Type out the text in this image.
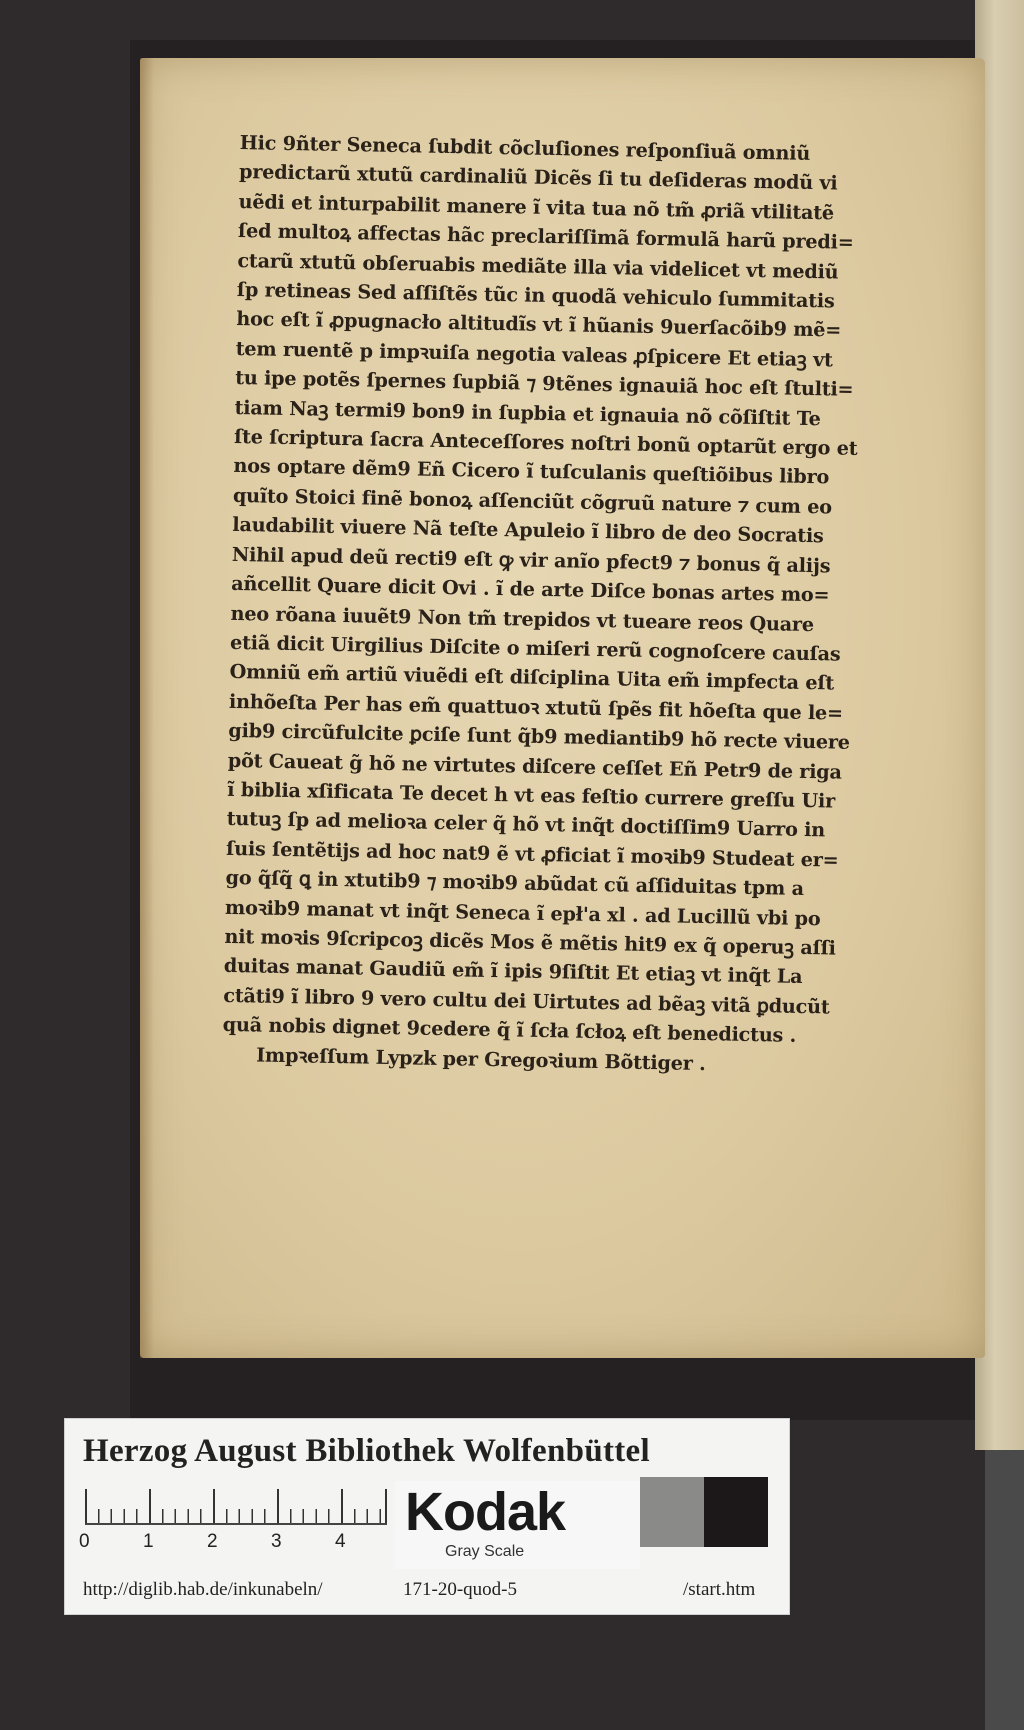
Hic 9ñter Seneca ſubdit cõcluſiones reſponſiuã omniũ
predictarũ xtutũ cardinaliũ Dicẽs ſi tu deſideras modũ vi
uẽdi et inturpabilit manere ĩ vita tua nõ tm̃ ꝓriã vtilitatẽ
ſed multoꝝ affectas hãc preclariſſimã formulã harũ predi=
ctarũ xtutũ obſeruabis mediãte illa via videlicet vt mediũ
ſp retineas Sed aſſiſtẽs tũc in quodã vehiculo ſummitatis
hoc eſt ĩ ꝓpugnacło altitudĩs vt ĩ hũanis 9uerſacõib9 mẽ=
tem ruentẽ p impꝛuiſa negotia valeas ꝓſpicere Et etiaꝫ vt
tu ipe potẽs ſpernes ſupbiã ⁊ 9tẽnes ignauiã hoc eſt ſtulti=
tiam Naꝫ termi9 bon9 in ſupbia et ignauia nõ cõſiſtit Te
ſte ſcriptura ſacra Anteceſſores noſtri bonũ optarũt ergo et
nos optare dẽm9 Eñ Cicero ĩ tuſculanis queſtiõibus libro
quĩto Stoici finẽ bonoꝝ aſſenciũt cõgruũ nature ⁊ cum eo
laudabilit viuere Nã teſte Apuleio ĩ libro de deo Socratis
Nihil apud deũ recti9 eſt ꝙ vir anĩo pfect9 ⁊ bonus q̃ alijs
añcellit Quare dicit Ovi . ĩ de arte Diſce bonas artes mo=
neo rõana iuuẽt9 Non tm̃ trepidos vt tueare reos Quare
etiã dicit Uirgilius Diſcite o miſeri rerũ cognoſcere cauſas
Omniũ em̃ artiũ viuẽdi eſt diſciplina Uita em̃ impfecta eſt
inhõeſta Per has em̃ quattuoꝛ xtutũ ſpẽs fit hõeſta que le=
gib9 circũfulcite ꝑciſe ſunt q̃b9 mediantib9 hõ recte viuere
põt Caueat g̃ hõ ne virtutes diſcere ceſſet Eñ Petr9 de riga
ĩ biblia xſificata Te decet h vt eas feſtio currere greſſu Uir
tutuꝫ ſp ad melioꝛa celer q̃ hõ vt inq̃t doctiſſim9 Uarro in
ſuis ſentẽtijs ad hoc nat9 ẽ vt ꝓficiat ĩ moꝛib9 Studeat er=
go q̃ſq̃ ꝗ in xtutib9 ⁊ moꝛib9 abũdat cũ aſſiduitas tpm a
moꝛib9 manat vt inq̃t Seneca ĩ epł'a xl . ad Lucillũ vbi po
nit moꝛis 9ſcripcoꝫ dicẽs Mos ẽ mẽtis hit9 ex q̃ operuꝫ aſſi
duitas manat Gaudiũ em̃ ĩ ipis 9ſiſtit Et etiaꝫ vt inq̃t La
ctãti9 ĩ libro 9 vero cultu dei Uirtutes ad bẽaꝫ vitã ꝑducũt
quã nobis dignet 9cedere q̃ ĩ ſcła ſcłoꝝ eſt benedictus .
Impꝛeſſum Lypzk per Gregoꝛium Bõttiger .
Herzog August Bibliothek Wolfenbüttel
0	1	2	3	4 Kodak
Gray Scale
http://diglib.hab.de/inkunabeln/	171-20-quod-5	/start.htm
